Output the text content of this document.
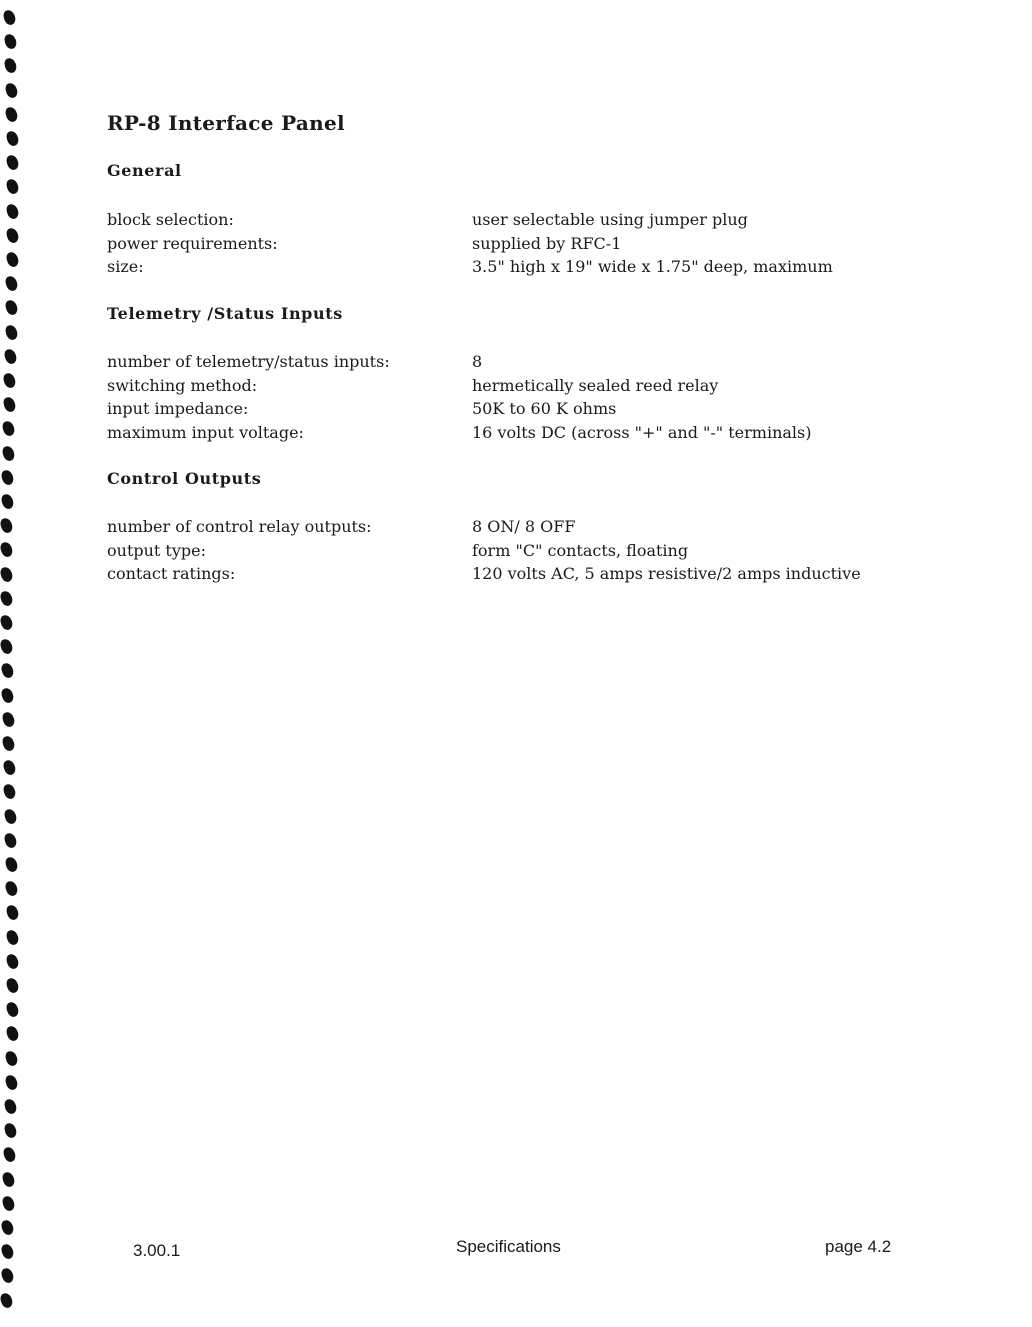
RP-8 Interface Panel
General
block selection:	user selectable using jumper plug
power requirements:	supplied by RFC-1
size:	3.5" high x 19" wide x 1.75" deep, maximum
Telemetry /Status Inputs
number of telemetry/status inputs:	8
switching method:	hermetically sealed reed relay
input impedance:	50K to 60 K ohms
maximum input voltage:	16 volts DC (across "+" and "-" terminals)
Control Outputs
number of control relay outputs:	8 ON/ 8 OFF
output type:	form "C" contacts, floating
contact ratings:	120 volts AC, 5 amps resistive/2 amps inductive
3.00.1	Specifications	page 4.2
